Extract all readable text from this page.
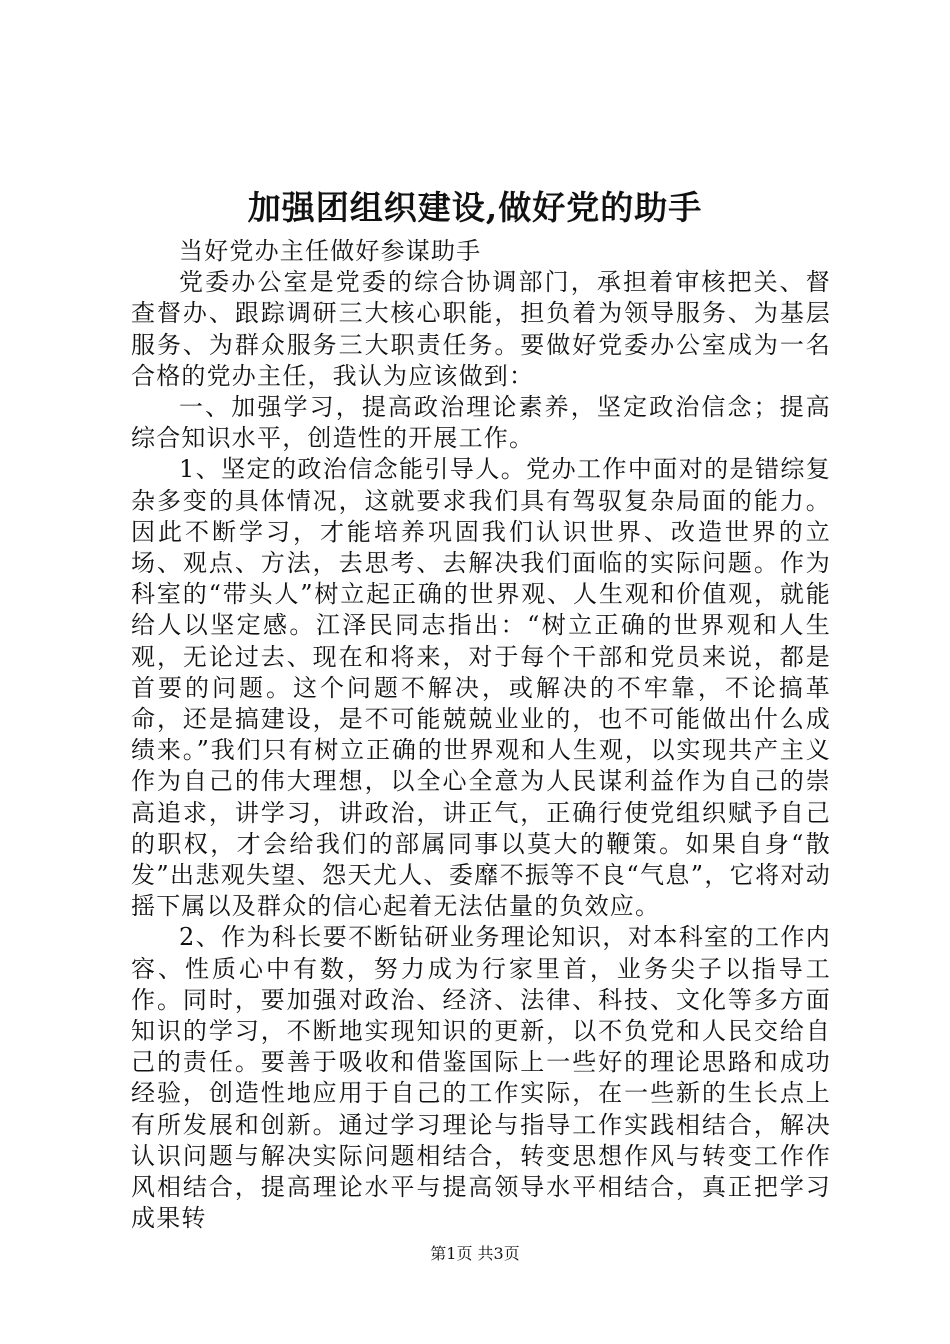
加强团组织建设,做好党的助手

当好党办主任做好参谋助手

党委办公室是党委的综合协调部门，承担着审核把关、督查督办、跟踪调研三大核心职能，担负着为领导服务、为基层服务、为群众服务三大职责任务。要做好党委办公室成为一名合格的党办主任，我认为应该做到：

一、加强学习，提高政治理论素养，坚定政治信念；提高综合知识水平，创造性的开展工作。

1、坚定的政治信念能引导人。党办工作中面对的是错综复杂多变的具体情况，这就要求我们具有驾驭复杂局面的能力。因此不断学习，才能培养巩固我们认识世界、改造世界的立场、观点、方法，去思考、去解决我们面临的实际问题。作为科室的“带头人”树立起正确的世界观、人生观和价值观，就能给人以坚定感。江泽民同志指出：“树立正确的世界观和人生观，无论过去、现在和将来，对于每个干部和党员来说，都是首要的问题。这个问题不解决，或解决的不牢靠，不论搞革命，还是搞建设，是不可能兢兢业业的，也不可能做出什么成绩来。”我们只有树立正确的世界观和人生观，以实现共产主义作为自己的伟大理想，以全心全意为人民谋利益作为自己的崇高追求，讲学习，讲政治，讲正气，正确行使党组织赋予自己的职权，才会给我们的部属同事以莫大的鞭策。如果自身“散发”出悲观失望、怨天尤人、委靡不振等不良“气息”，它将对动摇下属以及群众的信心起着无法估量的负效应。

2、作为科长要不断钻研业务理论知识，对本科室的工作内容、性质心中有数，努力成为行家里首，业务尖子以指导工作。同时，要加强对政治、经济、法律、科技、文化等多方面知识的学习，不断地实现知识的更新，以不负党和人民交给自己的责任。要善于吸收和借鉴国际上一些好的理论思路和成功经验，创造性地应用于自己的工作实际，在一些新的生长点上有所发展和创新。通过学习理论与指导工作实践相结合，解决认识问题与解决实际问题相结合，转变思想作风与转变工作作风相结合，提高理论水平与提高领导水平相结合，真正把学习成果转

第1页 共3页
